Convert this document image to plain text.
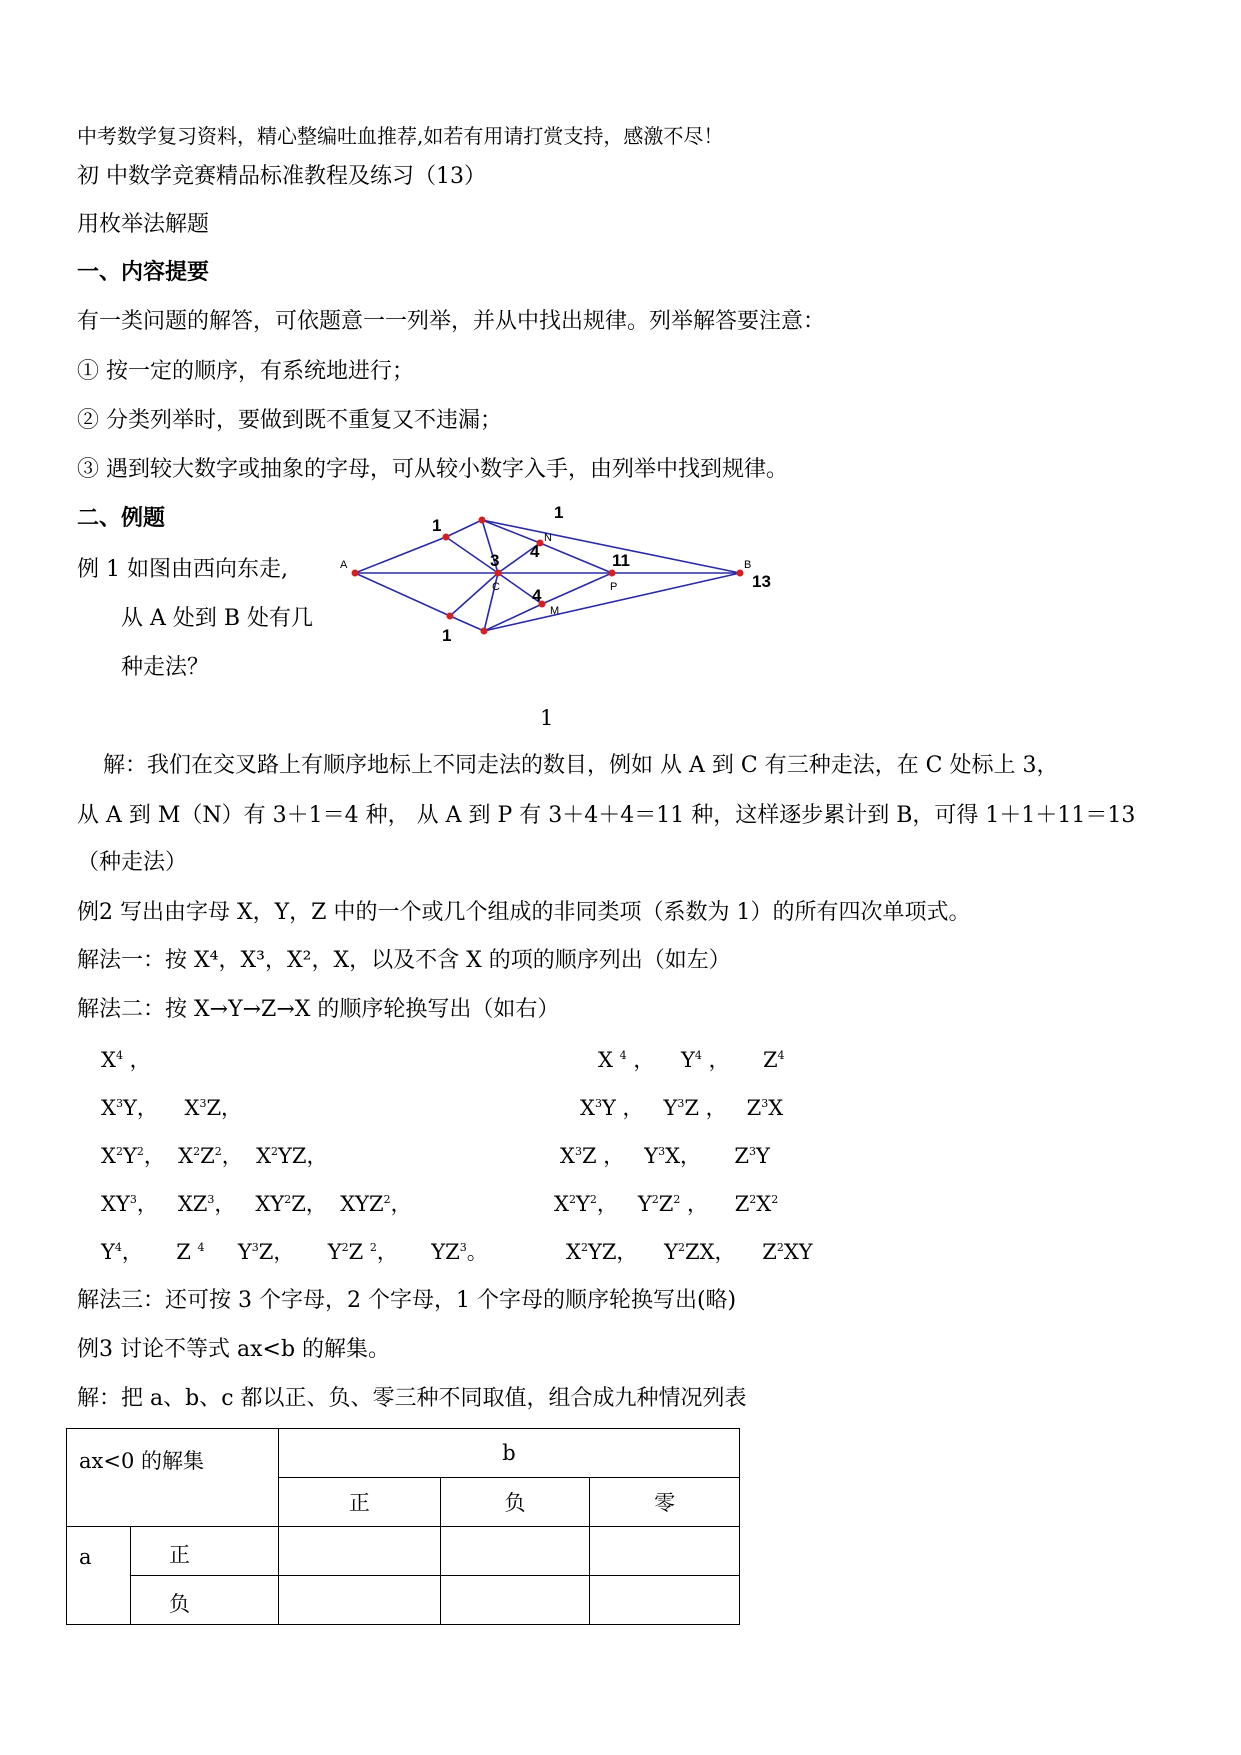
中考数学复习资料，精心整编吐血推荐,如若有用请打赏支持，感激不尽！
初 中数学竞赛精品标准教程及练习（13）
用枚举法解题
一、内容提要
有一类问题的解答，可依题意一一列举，并从中找出规律。列举解答要注意：
① 按一定的顺序，有系统地进行；
② 分类列举时，要做到既不重复又不违漏；
③ 遇到较大数字或抽象的字母，可从较小数字入手，由列举中找到规律。
二、例题
例 1 如图由西向东走,
从 A 处到 B 处有几
种走法？
A	B
C
N
P
M
1
1
1
3 4
4
11
13
1
解：我们在交叉路上有顺序地标上不同走法的数目，例如 从 A 到 C 有三种走法，在 C 处标上 3，
从 A 到 M（N）有 3＋1＝4 种， 从 A 到 P 有 3＋4＋4＝11 种，这样逐步累计到 B，可得 1＋1＋11＝13
（种走法）
例2 写出由字母 X，Y，Z 中的一个或几个组成的非同类项（系数为 1）的所有四次单项式。
解法一：按 X⁴，X³，X²，X，以及不含 X 的项的顺序列出（如左）
解法二：按 X→Y→Z→X 的顺序轮换写出（如右）
$X^4$ ，
$X^3Y$，    $X^3Z$，
$X^2Y^2$，  $X^2Z^2$，  $X^2YZ$，
$XY^3$，   $XZ^3$，   $XY^2Z$，  XYZ$^2$，
$Y^4$，     Z $^4$     $Y^3Z$，     $Y^2Z$ $^2$，     $YZ^3$。
X $^4$ ，    $Y^4$ ，     $Z^4$
$X^3Y$ ，   $Y^3Z$ ，   $Z^3X$
$X^3Z$ ，   $Y^3X$，     $Z^3Y$
$X^2Y^2$，   $Y^2Z^2$ ，    $Z^2X^2$
$X^2YZ$，    $Y^2ZX$，    $Z^2XY$
解法三：还可按 3 个字母，2 个字母，1 个字母的顺序轮换写出(略)
例3 讨论不等式 ax<b 的解集。
解：把 a、b、c 都以正、负、零三种不同取值，组合成九种情况列表
ax<0 的解集		b		
		正	负	零

a	正			

	负			
